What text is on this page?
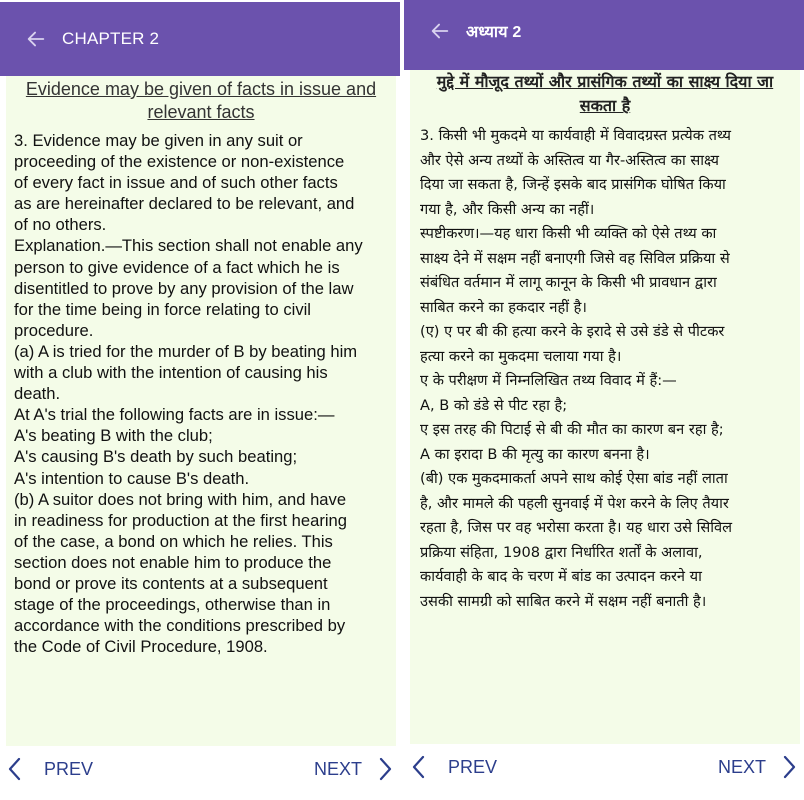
CHAPTER 2
Evidence may be given of facts in issue and relevant facts
3. Evidence may be given in any suit or
proceeding of the existence or non-existence
of every fact in issue and of such other facts
as are hereinafter declared to be relevant, and
of no others.
Explanation.—This section shall not enable any
person to give evidence of a fact which he is
disentitled to prove by any provision of the law
for the time being in force relating to civil
procedure.
(a) A is tried for the murder of B by beating him
with a club with the intention of causing his
death.
At A's trial the following facts are in issue:—
A's beating B with the club;
A's causing B's death by such beating;
A's intention to cause B's death.
(b) A suitor does not bring with him, and have
in readiness for production at the first hearing
of the case, a bond on which he relies. This
section does not enable him to produce the
bond or prove its contents at a subsequent
stage of the proceedings, otherwise than in
accordance with the conditions prescribed by
the Code of Civil Procedure, 1908.
PREV	NEXT
अध्याय 2
मुद्दे में मौजूद तथ्यों और प्रासंगिक तथ्यों का साक्ष्य दिया जा सकता है
3. किसी भी मुकदमे या कार्यवाही में विवादग्रस्त प्रत्येक तथ्य
और ऐसे अन्य तथ्यों के अस्तित्व या गैर-अस्तित्व का साक्ष्य
दिया जा सकता है, जिन्हें इसके बाद प्रासंगिक घोषित किया
गया है, और किसी अन्य का नहीं।
स्पष्टीकरण।—यह धारा किसी भी व्यक्ति को ऐसे तथ्य का
साक्ष्य देने में सक्षम नहीं बनाएगी जिसे वह सिविल प्रक्रिया से
संबंधित वर्तमान में लागू कानून के किसी भी प्रावधान द्वारा
साबित करने का हकदार नहीं है।
(ए) ए पर बी की हत्या करने के इरादे से उसे डंडे से पीटकर
हत्या करने का मुकदमा चलाया गया है।
ए के परीक्षण में निम्नलिखित तथ्य विवाद में हैं:—
A, B को डंडे से पीट रहा है;
ए इस तरह की पिटाई से बी की मौत का कारण बन रहा है;
A का इरादा B की मृत्यु का कारण बनना है।
(बी) एक मुकदमाकर्ता अपने साथ कोई ऐसा बांड नहीं लाता
है, और मामले की पहली सुनवाई में पेश करने के लिए तैयार
रहता है, जिस पर वह भरोसा करता है। यह धारा उसे सिविल
प्रक्रिया संहिता, 1908 द्वारा निर्धारित शर्तों के अलावा,
कार्यवाही के बाद के चरण में बांड का उत्पादन करने या
उसकी सामग्री को साबित करने में सक्षम नहीं बनाती है।
PREV	NEXT
